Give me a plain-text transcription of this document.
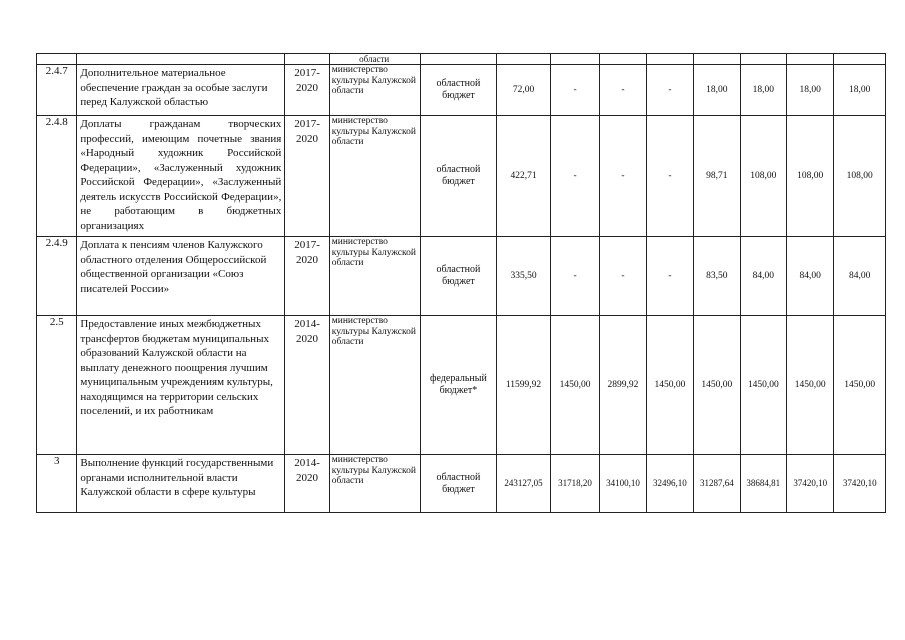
			области									
2.4.7	Дополнительное материальное обеспечение граждан за особые заслуги перед Калужской областью	2017-2020	министерство культуры Калужской области	областной бюджет	72,00	-	-	-	18,00	18,00	18,00	18,00
2.4.8	Доплаты гражданам творческих профессий, имеющим почетные звания «Народный художник Российской Федерации», «Заслуженный художник Российской Федерации», «Заслуженный деятель искусств Российской Федерации», не работающим в бюджетных организациях	2017-2020	министерство культуры Калужской области	областной бюджет	422,71	-	-	-	98,71	108,00	108,00	108,00
2.4.9	Доплата к пенсиям членов Калужского областного отделения Общероссийской общественной организации «Союз писателей России»	2017-2020	министерство культуры Калужской области	областной бюджет	335,50	-	-	-	83,50	84,00	84,00	84,00
2.5	Предоставление иных межбюджетных трансфертов бюджетам муниципальных образований Калужской области на выплату денежного поощрения лучшим муниципальным учреждениям культуры, находящимся на территории сельских поселений, и их работникам	2014-2020	министерство культуры Калужской области	федеральный бюджет*	11599,92	1450,00	2899,92	1450,00	1450,00	1450,00	1450,00	1450,00
3	Выполнение функций государственными органами исполнительной власти Калужской области в сфере культуры	2014-2020	министерство культуры Калужской области	областной бюджет	243127,05	31718,20	34100,10	32496,10	31287,64	38684,81	37420,10	37420,10
